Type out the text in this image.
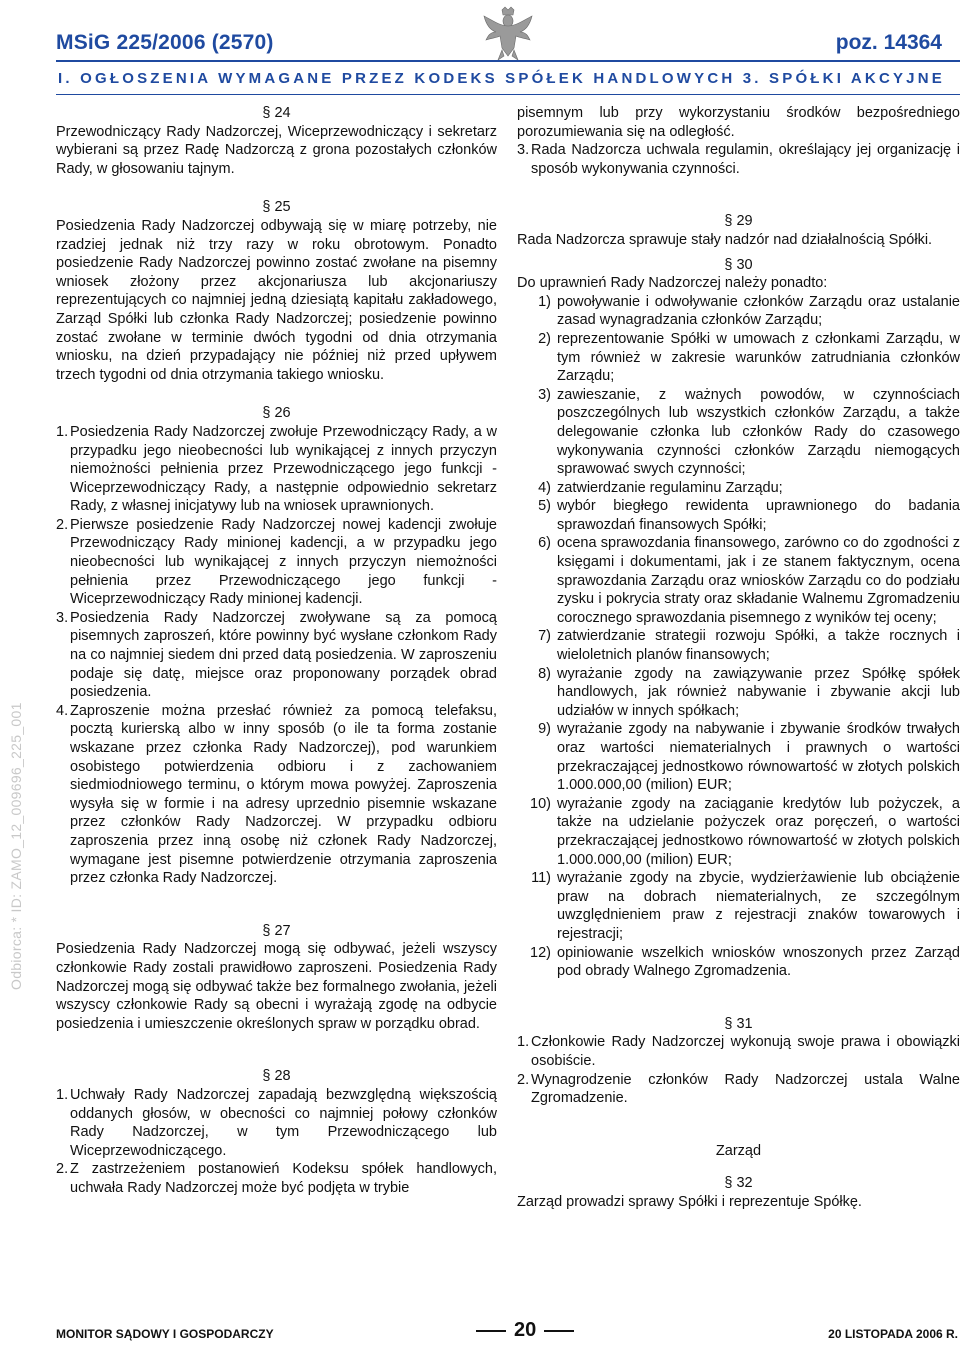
MSiG 225/2006 (2570)	poz. 14364
I. OGŁOSZENIA WYMAGANE PRZEZ KODEKS SPÓŁEK HANDLOWYCH 3. SPÓŁKI AKCYJNE
Odbiorca: * ID: ZAMO_12_009696_225_001

§ 24

Przewodniczący Rady Nadzorczej, Wiceprzewodniczący i sekretarz wybierani są przez Radę Nadzorczą z grona pozostałych członków Rady, w głosowaniu tajnym.

§ 25

Posiedzenia Rady Nadzorczej odbywają się w miarę potrzeby, nie rzadziej jednak niż trzy razy w roku obrotowym. Ponadto posiedzenie Rady Nadzorczej powinno zostać zwołane na pisemny wniosek złożony przez akcjonariusza lub akcjonariuszy reprezentujących co najmniej jedną dziesiątą kapitału zakładowego, Zarząd Spółki lub członka Rady Nadzorczej; posiedzenie powinno zostać zwołane w terminie dwóch tygodni od dnia otrzymania wniosku, na dzień przypadający nie później niż przed upływem trzech tygodni od dnia otrzymania takiego wniosku.

§ 26

1. Posiedzenia Rady Nadzorczej zwołuje Przewodniczący Rady, a w przypadku jego nieobecności lub wynikającej z innych przyczyn niemożności pełnienia przez Przewodniczącego jego funkcji - Wiceprzewodniczący Rady, a następnie odpowiednio sekretarz Rady, z własnej inicjatywy lub na wniosek uprawnionych.
2. Pierwsze posiedzenie Rady Nadzorczej nowej kadencji zwołuje Przewodniczący Rady minionej kadencji, a w przypadku jego nieobecności lub wynikającej z innych przyczyn niemożności pełnienia przez Przewodniczącego jego funkcji - Wiceprzewodniczący Rady minionej kadencji.
3. Posiedzenia Rady Nadzorczej zwoływane są za pomocą pisemnych zaproszeń, które powinny być wysłane członkom Rady na co najmniej siedem dni przed datą posiedzenia. W zaproszeniu podaje się datę, miejsce oraz proponowany porządek obrad posiedzenia.
4. Zaproszenie można przesłać również za pomocą telefaksu, pocztą kurierską albo w inny sposób (o ile ta forma zostanie wskazane przez członka Rady Nadzorczej), pod warunkiem osobistego potwierdzenia odbioru i z zachowaniem siedmiodniowego terminu, o którym mowa powyżej. Zaproszenia wysyła się w formie i na adresy uprzednio pisemnie wskazane przez członków Rady Nadzorczej. W przypadku odbioru zaproszenia przez inną osobę niż członek Rady Nadzorczej, wymagane jest pisemne potwierdzenie otrzymania zaproszenia przez członka Rady Nadzorczej.

§ 27

Posiedzenia Rady Nadzorczej mogą się odbywać, jeżeli wszyscy członkowie Rady zostali prawidłowo zaproszeni. Posiedzenia Rady Nadzorczej mogą się odbywać także bez formalnego zwołania, jeżeli wszyscy członkowie Rady są obecni i wyrażają zgodę na odbycie posiedzenia i umieszczenie określonych spraw w porządku obrad.

§ 28

1. Uchwały Rady Nadzorczej zapadają bezwzględną większością oddanych głosów, w obecności co najmniej połowy członków Rady Nadzorczej, w tym Przewodniczącego lub Wiceprzewodniczącego.
2. Z zastrzeżeniem postanowień Kodeksu spółek handlowych, uchwała Rady Nadzorczej może być podjęta w trybie

pisemnym lub przy wykorzystaniu środków bezpośredniego porozumiewania się na odległość.

3. Rada Nadzorcza uchwala regulamin, określający jej organizację i sposób wykonywania czynności.

§ 29

Rada Nadzorcza sprawuje stały nadzór nad działalnością Spółki.

§ 30

Do uprawnień Rady Nadzorczej należy ponadto:

1) powoływanie i odwoływanie członków Zarządu oraz ustalanie zasad wynagradzania członków Zarządu;
2) reprezentowanie Spółki w umowach z członkami Zarządu, w tym również w zakresie warunków zatrudniania członków Zarządu;
3) zawieszanie, z ważnych powodów, w czynnościach poszczególnych lub wszystkich członków Zarządu, a także delegowanie członka lub członków Rady do czasowego wykonywania czynności członków Zarządu niemogących sprawować swych czynności;
4) zatwierdzanie regulaminu Zarządu;
5) wybór biegłego rewidenta uprawnionego do badania sprawozdań finansowych Spółki;
6) ocena sprawozdania finansowego, zarówno co do zgodności z księgami i dokumentami, jak i ze stanem faktycznym, ocena sprawozdania Zarządu oraz wniosków Zarządu co do podziału zysku i pokrycia straty oraz składanie Walnemu Zgromadzeniu corocznego sprawozdania pisemnego z wyników tej oceny;
7) zatwierdzanie strategii rozwoju Spółki, a także rocznych i wieloletnich planów finansowych;
8) wyrażanie zgody na zawiązywanie przez Spółkę spółek handlowych, jak również nabywanie i zbywanie akcji lub udziałów w innych spółkach;
9) wyrażanie zgody na nabywanie i zbywanie środków trwałych oraz wartości niematerialnych i prawnych o wartości przekraczającej jednostkowo równowartość w złotych polskich 1.000.000,00 (milion) EUR;
10) wyrażanie zgody na zaciąganie kredytów lub pożyczek, a także na udzielanie pożyczek oraz poręczeń, o wartości przekraczającej jednostkowo równowartość w złotych polskich 1.000.000,00 (milion) EUR;
11) wyrażanie zgody na zbycie, wydzierżawienie lub obciążenie praw na dobrach niematerialnych, ze szczególnym uwzględnieniem praw z rejestracji znaków towarowych i rejestracji;
12) opiniowanie wszelkich wniosków wnoszonych przez Zarząd pod obrady Walnego Zgromadzenia.

§ 31

1. Członkowie Rady Nadzorczej wykonują swoje prawa i obowiązki osobiście.
2. Wynagrodzenie członków Rady Nadzorczej ustala Walne Zgromadzenie.

Zarząd

§ 32

Zarząd prowadzi sprawy Spółki i reprezentuje Spółkę.

MONITOR SĄDOWY I GOSPODARCZY	20	20 LISTOPADA 2006 R.
